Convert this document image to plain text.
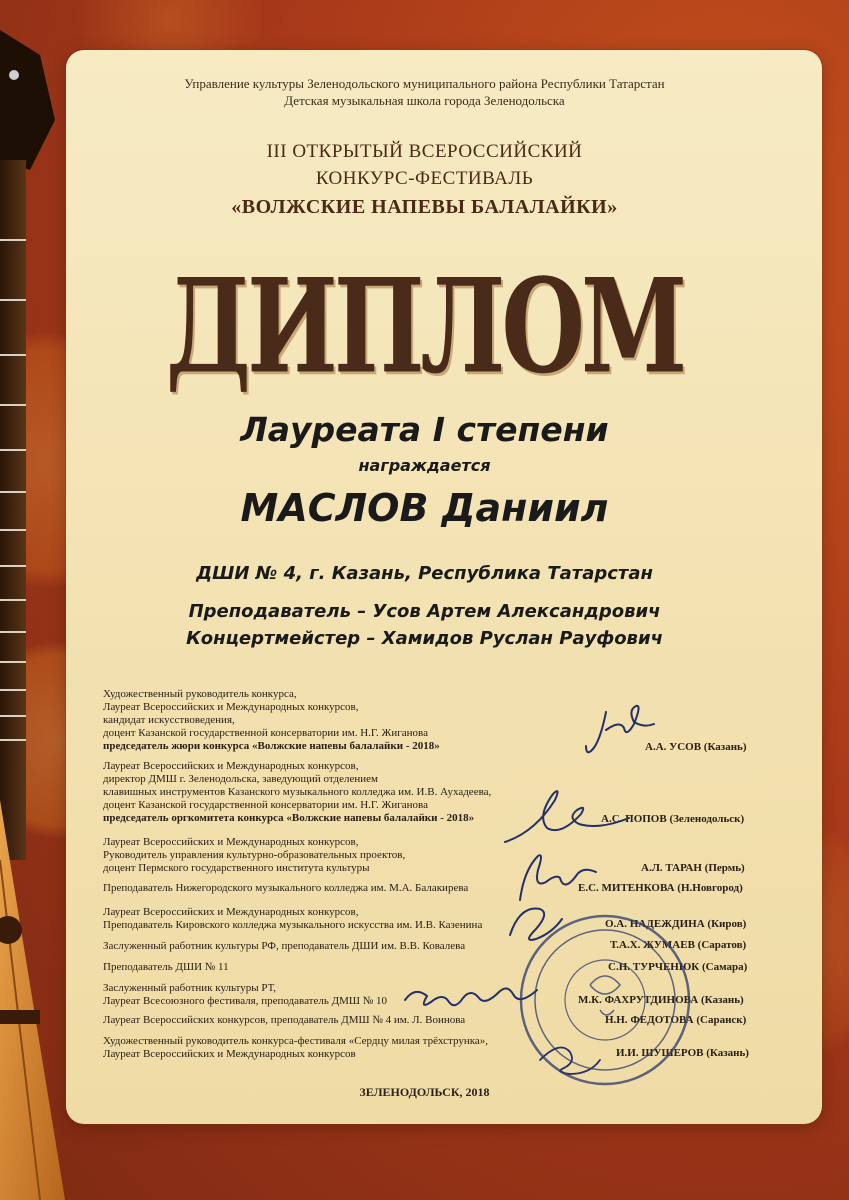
Управление культуры Зеленодольского муниципального района Республики Татарстан
Детская музыкальная школа города Зеленодольска
III ОТКРЫТЫЙ ВСЕРОССИЙСКИЙ
КОНКУРС-ФЕСТИВАЛЬ
«ВОЛЖСКИЕ НАПЕВЫ БАЛАЛАЙКИ»
ДИПЛОМ
Лауреата I степени
награждается
МАСЛОВ Даниил
ДШИ № 4, г. Казань, Республика Татарстан
Преподаватель – Усов Артем Александрович
Концертмейстер – Хамидов Руслан Рауфович
Художественный руководитель конкурса,
Лауреат Всероссийских и Международных конкурсов,
кандидат искусствоведения,
доцент Казанской государственной консерватории им. Н.Г. Жиганова
председатель жюри конкурса «Волжские напевы балалайки - 2018»
Лауреат Всероссийских и Международных конкурсов,
директор ДМШ г. Зеленодольска, заведующий отделением
клавишных инструментов Казанского музыкального колледжа им. И.В. Аухадеева,
доцент Казанской государственной консерватории им. Н.Г. Жиганова
председатель оргкомитета конкурса «Волжские напевы балалайки - 2018»
Лауреат Всероссийских и Международных конкурсов,
Руководитель управления культурно-образовательных проектов,
доцент Пермского государственного института культуры
Преподаватель Нижегородского музыкального колледжа им. М.А. Балакирева
Лауреат Всероссийских и Международных конкурсов,
Преподаватель Кировского колледжа музыкального искусства им. И.В. Казенина
Заслуженный работник культуры РФ, преподаватель ДШИ им. В.В. Ковалева
Преподаватель ДШИ № 11
Заслуженный работник культуры РТ,
Лауреат Всесоюзного фестиваля, преподаватель ДМШ № 10
Лауреат Всероссийских конкурсов, преподаватель ДМШ № 4 им. Л. Воинова
Художественный руководитель конкурса-фестиваля «Сердцу милая трёхструнка»,
Лауреат Всероссийских и Международных конкурсов
А.А. УСОВ (Казань)
А.С. ПОПОВ (Зеленодольск)
А.Л. ТАРАН (Пермь)
Е.С. МИТЕНКОВА (Н.Новгород)
О.А. НАДЕЖДИНА (Киров)
Т.А.Х. ЖУМАЕВ (Саратов)
С.Н. ТУРЧЕНЮК (Самара)
М.К. ФАХРУТДИНОВА (Казань)
Н.Н. ФЕДОТОВА (Саранск)
И.И. ШУШЕРОВ (Казань)
ЗЕЛЕНОДОЛЬСК, 2018
